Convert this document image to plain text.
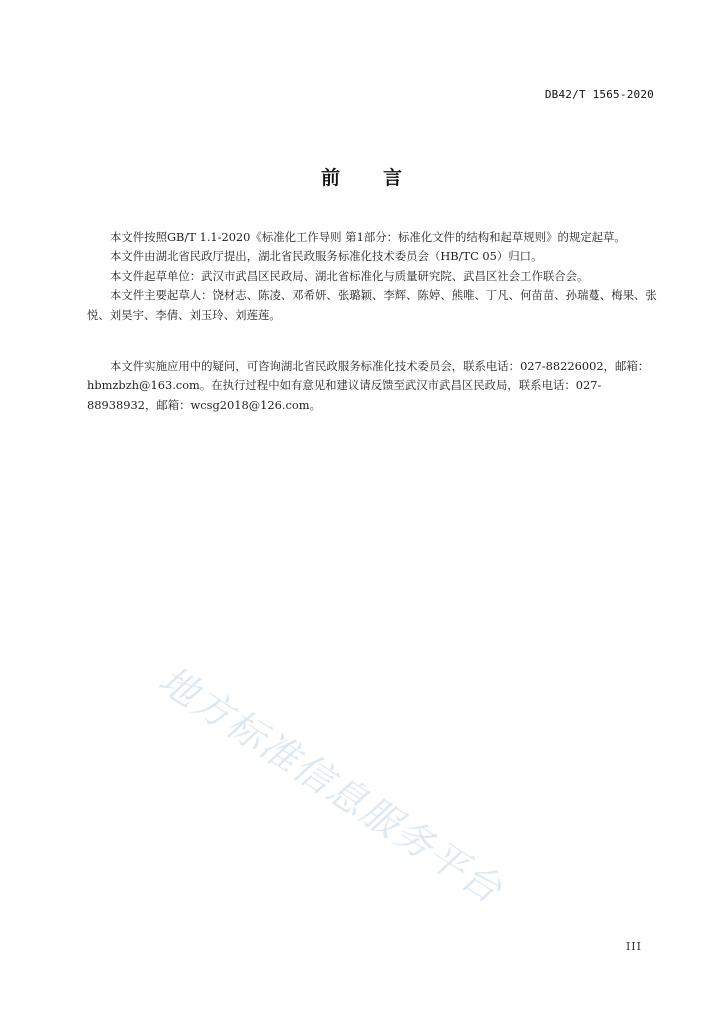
DB42/T 1565-2020
前 言

本文件按照GB/T 1.1-2020《标准化工作导则 第1部分：标准化文件的结构和起草规则》的规定起草。

本文件由湖北省民政厅提出，湖北省民政服务标准化技术委员会（HB/TC 05）归口。

本文件起草单位：武汉市武昌区民政局、湖北省标准化与质量研究院、武昌区社会工作联合会。

本文件主要起草人：饶材志、陈凌、邓希妍、张璐颖、李辉、陈婷、熊唯、丁凡、何苗苗、孙瑞蔓、梅果、张悦、刘昊宇、李倩、刘玉玲、刘莲莲。

本文件实施应用中的疑问，可咨询湖北省民政服务标准化技术委员会，联系电话：027-88226002，邮箱：hbmzbzh@163.com。在执行过程中如有意见和建议请反馈至武汉市武昌区民政局，联系电话：027-88938932，邮箱：wcsg2018@126.com。

地方标准信息服务平台
III
